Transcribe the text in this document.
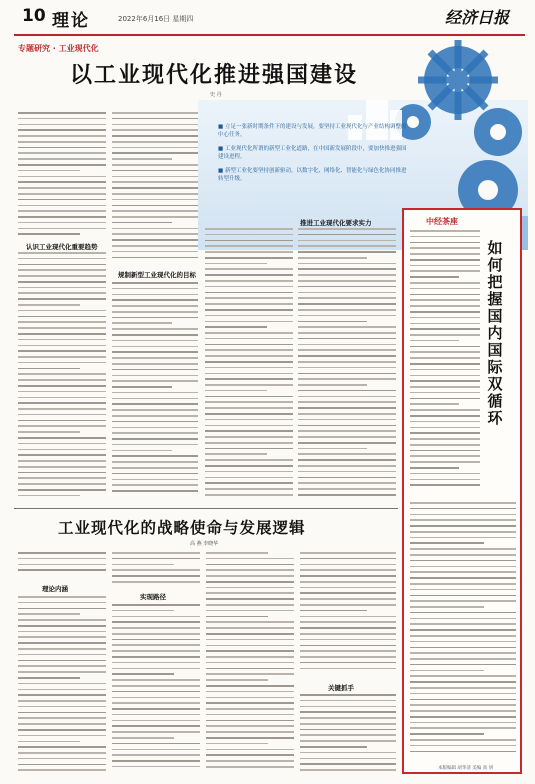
10 理论	2022年6月16日 星期四	经济日报
专题研究 · 工业现代化
以工业现代化推进强国建设
史 丹
■ 立足一张新时期条件下的建设与发展，要坚持工业现代化与产业结构调整的中心任务。
■ 工业现代化所谓的新型工业化道路，在中国新发展阶段中，要加快推进强国建设进程。
■ 新型工业化要坚持创新驱动，以数字化、网络化、智能化与绿色化协同推进转型升级。
认识工业现代化重要趋势
规制新型工业现代化的目标
推进工业现代化要求实力
工业现代化的战略使命与发展逻辑
高 燕 李晓华
理论内涵
实现路径
关键抓手
中经茶座
如
何
把
握
国
内
国
际
双
循
环
本版编辑 胡华清 美编 高 妍
